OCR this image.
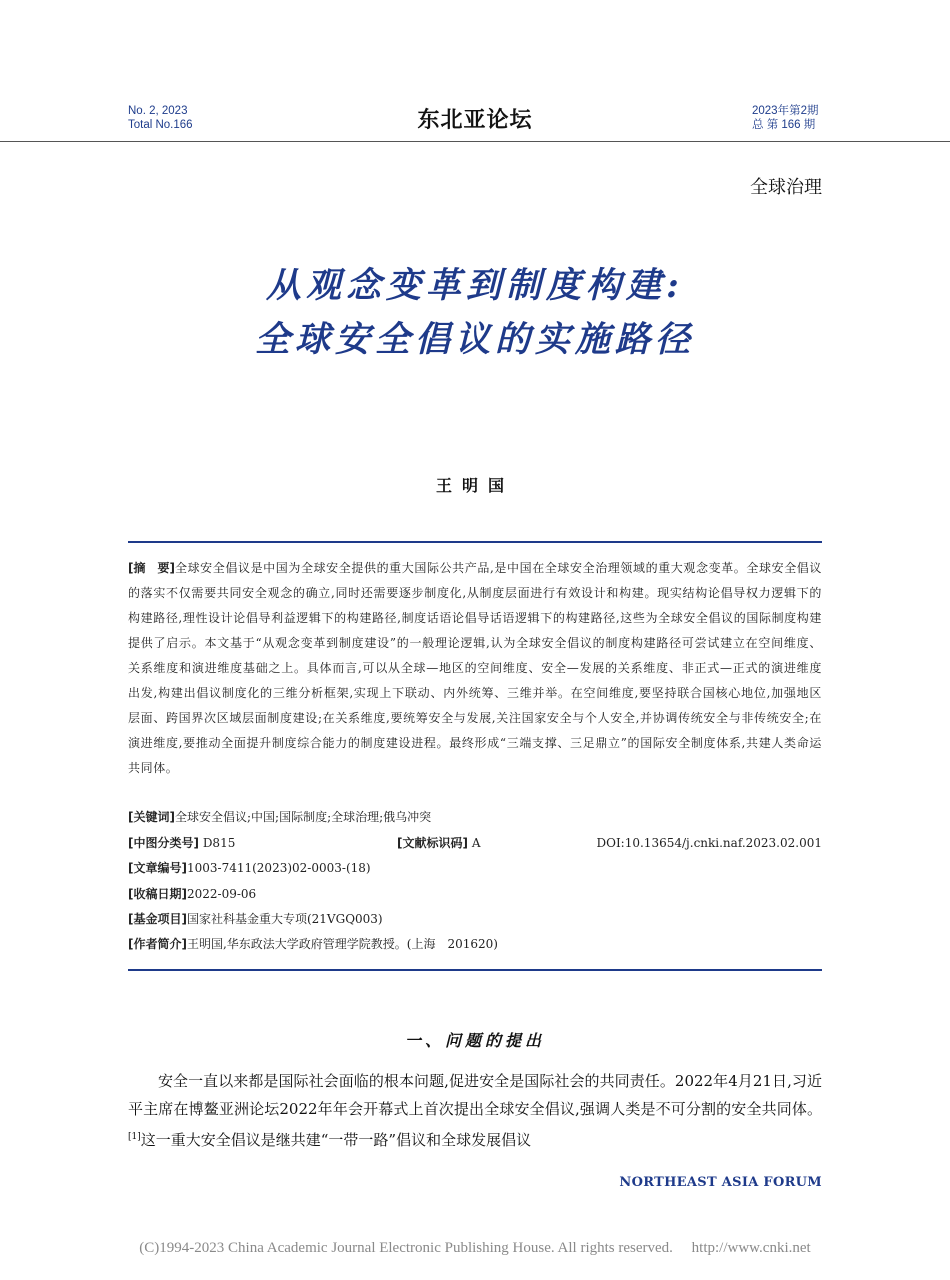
No. 2, 2023
Total No.166	东北亚论坛	2023年第2期
总 第 166 期
全球治理
从观念变革到制度构建:
全球安全倡议的实施路径
王明国
[摘　要]全球安全倡议是中国为全球安全提供的重大国际公共产品,是中国在全球安全治理领域的重大观念变革。全球安全倡议的落实不仅需要共同安全观念的确立,同时还需要逐步制度化,从制度层面进行有效设计和构建。现实结构论倡导权力逻辑下的构建路径,理性设计论倡导利益逻辑下的构建路径,制度话语论倡导话语逻辑下的构建路径,这些为全球安全倡议的国际制度构建提供了启示。本文基于“从观念变革到制度建设”的一般理论逻辑,认为全球安全倡议的制度构建路径可尝试建立在空间维度、关系维度和演进维度基础之上。具体而言,可以从全球—地区的空间维度、安全—发展的关系维度、非正式—正式的演进维度出发,构建出倡议制度化的三维分析框架,实现上下联动、内外统筹、三维并举。在空间维度,要坚持联合国核心地位,加强地区层面、跨国界次区域层面制度建设;在关系维度,要统筹安全与发展,关注国家安全与个人安全,并协调传统安全与非传统安全;在演进维度,要推动全面提升制度综合能力的制度建设进程。最终形成“三端支撑、三足鼎立”的国际安全制度体系,共建人类命运共同体。
[关键词]全球安全倡议;中国;国际制度;全球治理;俄乌冲突
[中图分类号] D815	[文献标识码] A	DOI:10.13654/j.cnki.naf.2023.02.001
[文章编号]1003-7411(2023)02-0003-(18)
[收稿日期]2022-09-06
[基金项目]国家社科基金重大专项(21VGQ003)
[作者简介]王明国,华东政法大学政府管理学院教授。(上海　201620)
一、问题的提出

安全一直以来都是国际社会面临的根本问题,促进安全是国际社会的共同责任。2022年4月21日,习近平主席在博鳌亚洲论坛2022年年会开幕式上首次提出全球安全倡议,强调人类是不可分割的安全共同体。[1]这一重大安全倡议是继共建“一带一路”倡议和全球发展倡议

NORTHEAST ASIA FORUM
(C)1994-2023 China Academic Journal Electronic Publishing House. All rights reserved.　 http://www.cnki.net
